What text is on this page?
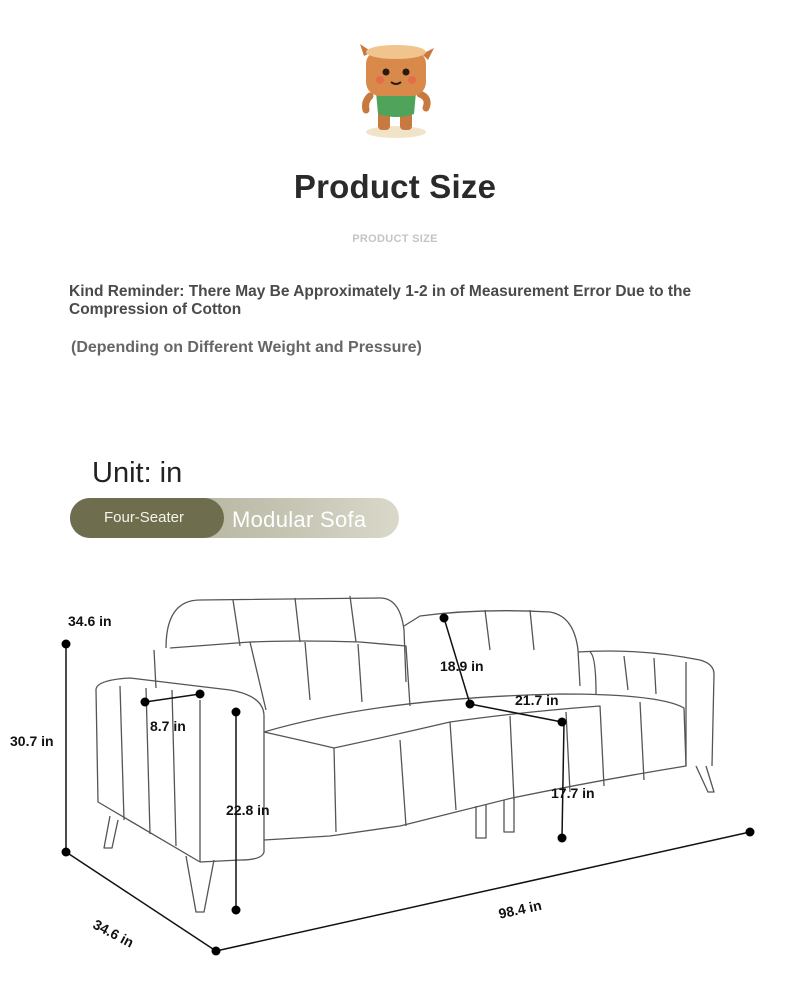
Product Size
PRODUCT SIZE
Kind Reminder: There May Be Approximately 1-2 in of Measurement Error Due to the Compression of Cotton
(Depending on Different Weight and Pressure)
Unit: in
Four-Seater	Modular Sofa
34.6 in
30.7 in
8.7 in
22.8 in
34.6 in
98.4 in
18.9 in
21.7 in
17.7 in
